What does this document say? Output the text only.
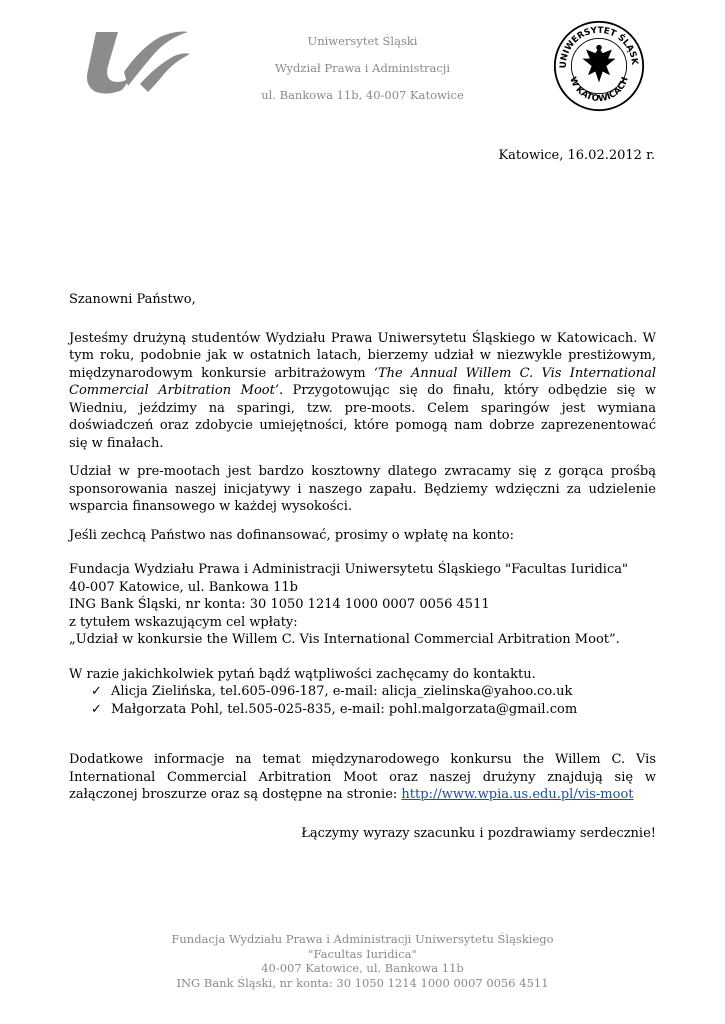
Uniwersytet Śląski
Wydział Prawa i Administracji
ul. Bankowa 11b, 40-007 Katowice
UNIWERSYTET ŚLĄSK
W KATOWICACH
Katowice, 16.02.2012 r.

Szanowni Państwo,

Jesteśmy drużyną studentów Wydziału Prawa Uniwersytetu Śląskiego w Katowicach. W tym roku, podobnie jak w ostatnich latach, bierzemy udział w niezwykle prestiżowym, międzynarodowym konkursie arbitrażowym ‘The Annual Willem C. Vis International Commercial Arbitration Moot’. Przygotowując się do finału, który odbędzie się w Wiedniu, jeździmy na sparingi, tzw. pre-moots. Celem sparingów jest wymiana doświadczeń oraz zdobycie umiejętności, które pomogą nam dobrze zaprezenentować się w finałach.

Udział w pre-mootach jest bardzo kosztowny dlatego zwracamy się z gorąca prośbą sponsorowania naszej inicjatywy i naszego zapału. Będziemy wdzięczni za udzielenie wsparcia finansowego w każdej wysokości.

Jeśli zechcą Państwo nas dofinansować, prosimy o wpłatę na konto:

Fundacja Wydziału Prawa i Administracji Uniwersytetu Śląskiego "Facultas Iuridica"
40-007 Katowice, ul. Bankowa 11b
ING Bank Śląski, nr konta: 30 1050 1214 1000 0007 0056 4511
z tytułem wskazującym cel wpłaty:
„Udział w konkursie the Willem C. Vis International Commercial Arbitration Moot”.

W razie jakichkolwiek pytań bądź wątpliwości zachęcamy do kontaktu.

✓ Alicja Zielińska, tel.605-096-187, e-mail: alicja_zielinska@yahoo.co.uk
✓ Małgorzata Pohl, tel.505-025-835, e-mail: pohl.malgorzata@gmail.com

Dodatkowe informacje na temat międzynarodowego konkursu the Willem C. Vis International Commercial Arbitration Moot oraz naszej drużyny znajdują się w załączonej broszurze oraz są dostępne na stronie: http://www.wpia.us.edu.pl/vis-moot

Łączymy wyrazy szacunku i pozdrawiamy serdecznie!

Fundacja Wydziału Prawa i Administracji Uniwersytetu Śląskiego
"Facultas Iuridica"
40-007 Katowice, ul. Bankowa 11b
ING Bank Śląski, nr konta: 30 1050 1214 1000 0007 0056 4511
